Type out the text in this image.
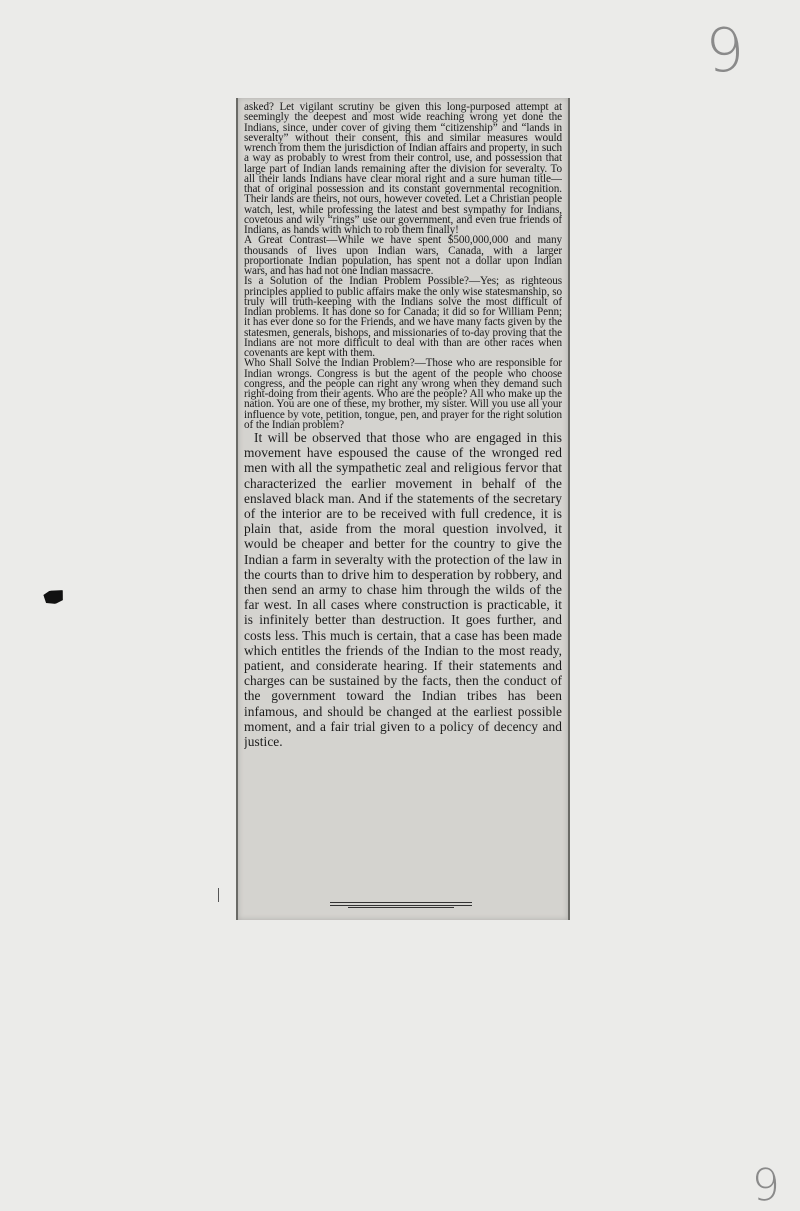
9
9

asked? Let vigilant scrutiny be given this long-purposed attempt at seemingly the deepest and most wide reaching wrong yet done the Indians, since, under cover of giving them “citizenship” and “lands in severalty” without their consent, this and similar measures would wrench from them the jurisdiction of Indian affairs and property, in such a way as probably to wrest from their control, use, and possession that large part of Indian lands remaining after the division for severalty. To all their lands Indians have clear moral right and a sure human title—that of original possession and its constant governmental recognition. Their lands are theirs, not ours, however coveted. Let a Christian people watch, lest, while professing the latest and best sympathy for Indians, covetous and wily “rings” use our government, and even true friends of Indians, as hands with which to rob them finally!

A Great Contrast—While we have spent $500,000,000 and many thousands of lives upon Indian wars, Canada, with a larger proportionate Indian population, has spent not a dollar upon Indian wars, and has had not one Indian massacre.

Is a Solution of the Indian Problem Possible?—Yes; as righteous principles applied to public affairs make the only wise statesmanship, so truly will truth-keeping with the Indians solve the most difficult of Indian problems. It has done so for Canada; it did so for William Penn; it has ever done so for the Friends, and we have many facts given by the statesmen, generals, bishops, and missionaries of to-day proving that the Indians are not more difficult to deal with than are other races when covenants are kept with them.

Who Shall Solve the Indian Problem?—Those who are responsible for Indian wrongs. Congress is but the agent of the people who choose congress, and the people can right any wrong when they demand such right-doing from their agents. Who are the people? All who make up the nation. You are one of these, my brother, my sister. Will you use all your influence by vote, petition, tongue, pen, and prayer for the right solution of the Indian problem?

It will be observed that those who are engaged in this movement have espoused the cause of the wronged red men with all the sympathetic zeal and religious fervor that characterized the earlier movement in behalf of the enslaved black man. And if the statements of the secretary of the interior are to be received with full credence, it is plain that, aside from the moral question involved, it would be cheaper and better for the country to give the Indian a farm in severalty with the protection of the law in the courts than to drive him to desperation by robbery, and then send an army to chase him through the wilds of the far west. In all cases where construction is practicable, it is infinitely better than destruction. It goes further, and costs less. This much is certain, that a case has been made which entitles the friends of the Indian to the most ready, patient, and considerate hearing. If their statements and charges can be sustained by the facts, then the conduct of the government toward the Indian tribes has been infamous, and should be changed at the earliest possible moment, and a fair trial given to a policy of decency and justice.
